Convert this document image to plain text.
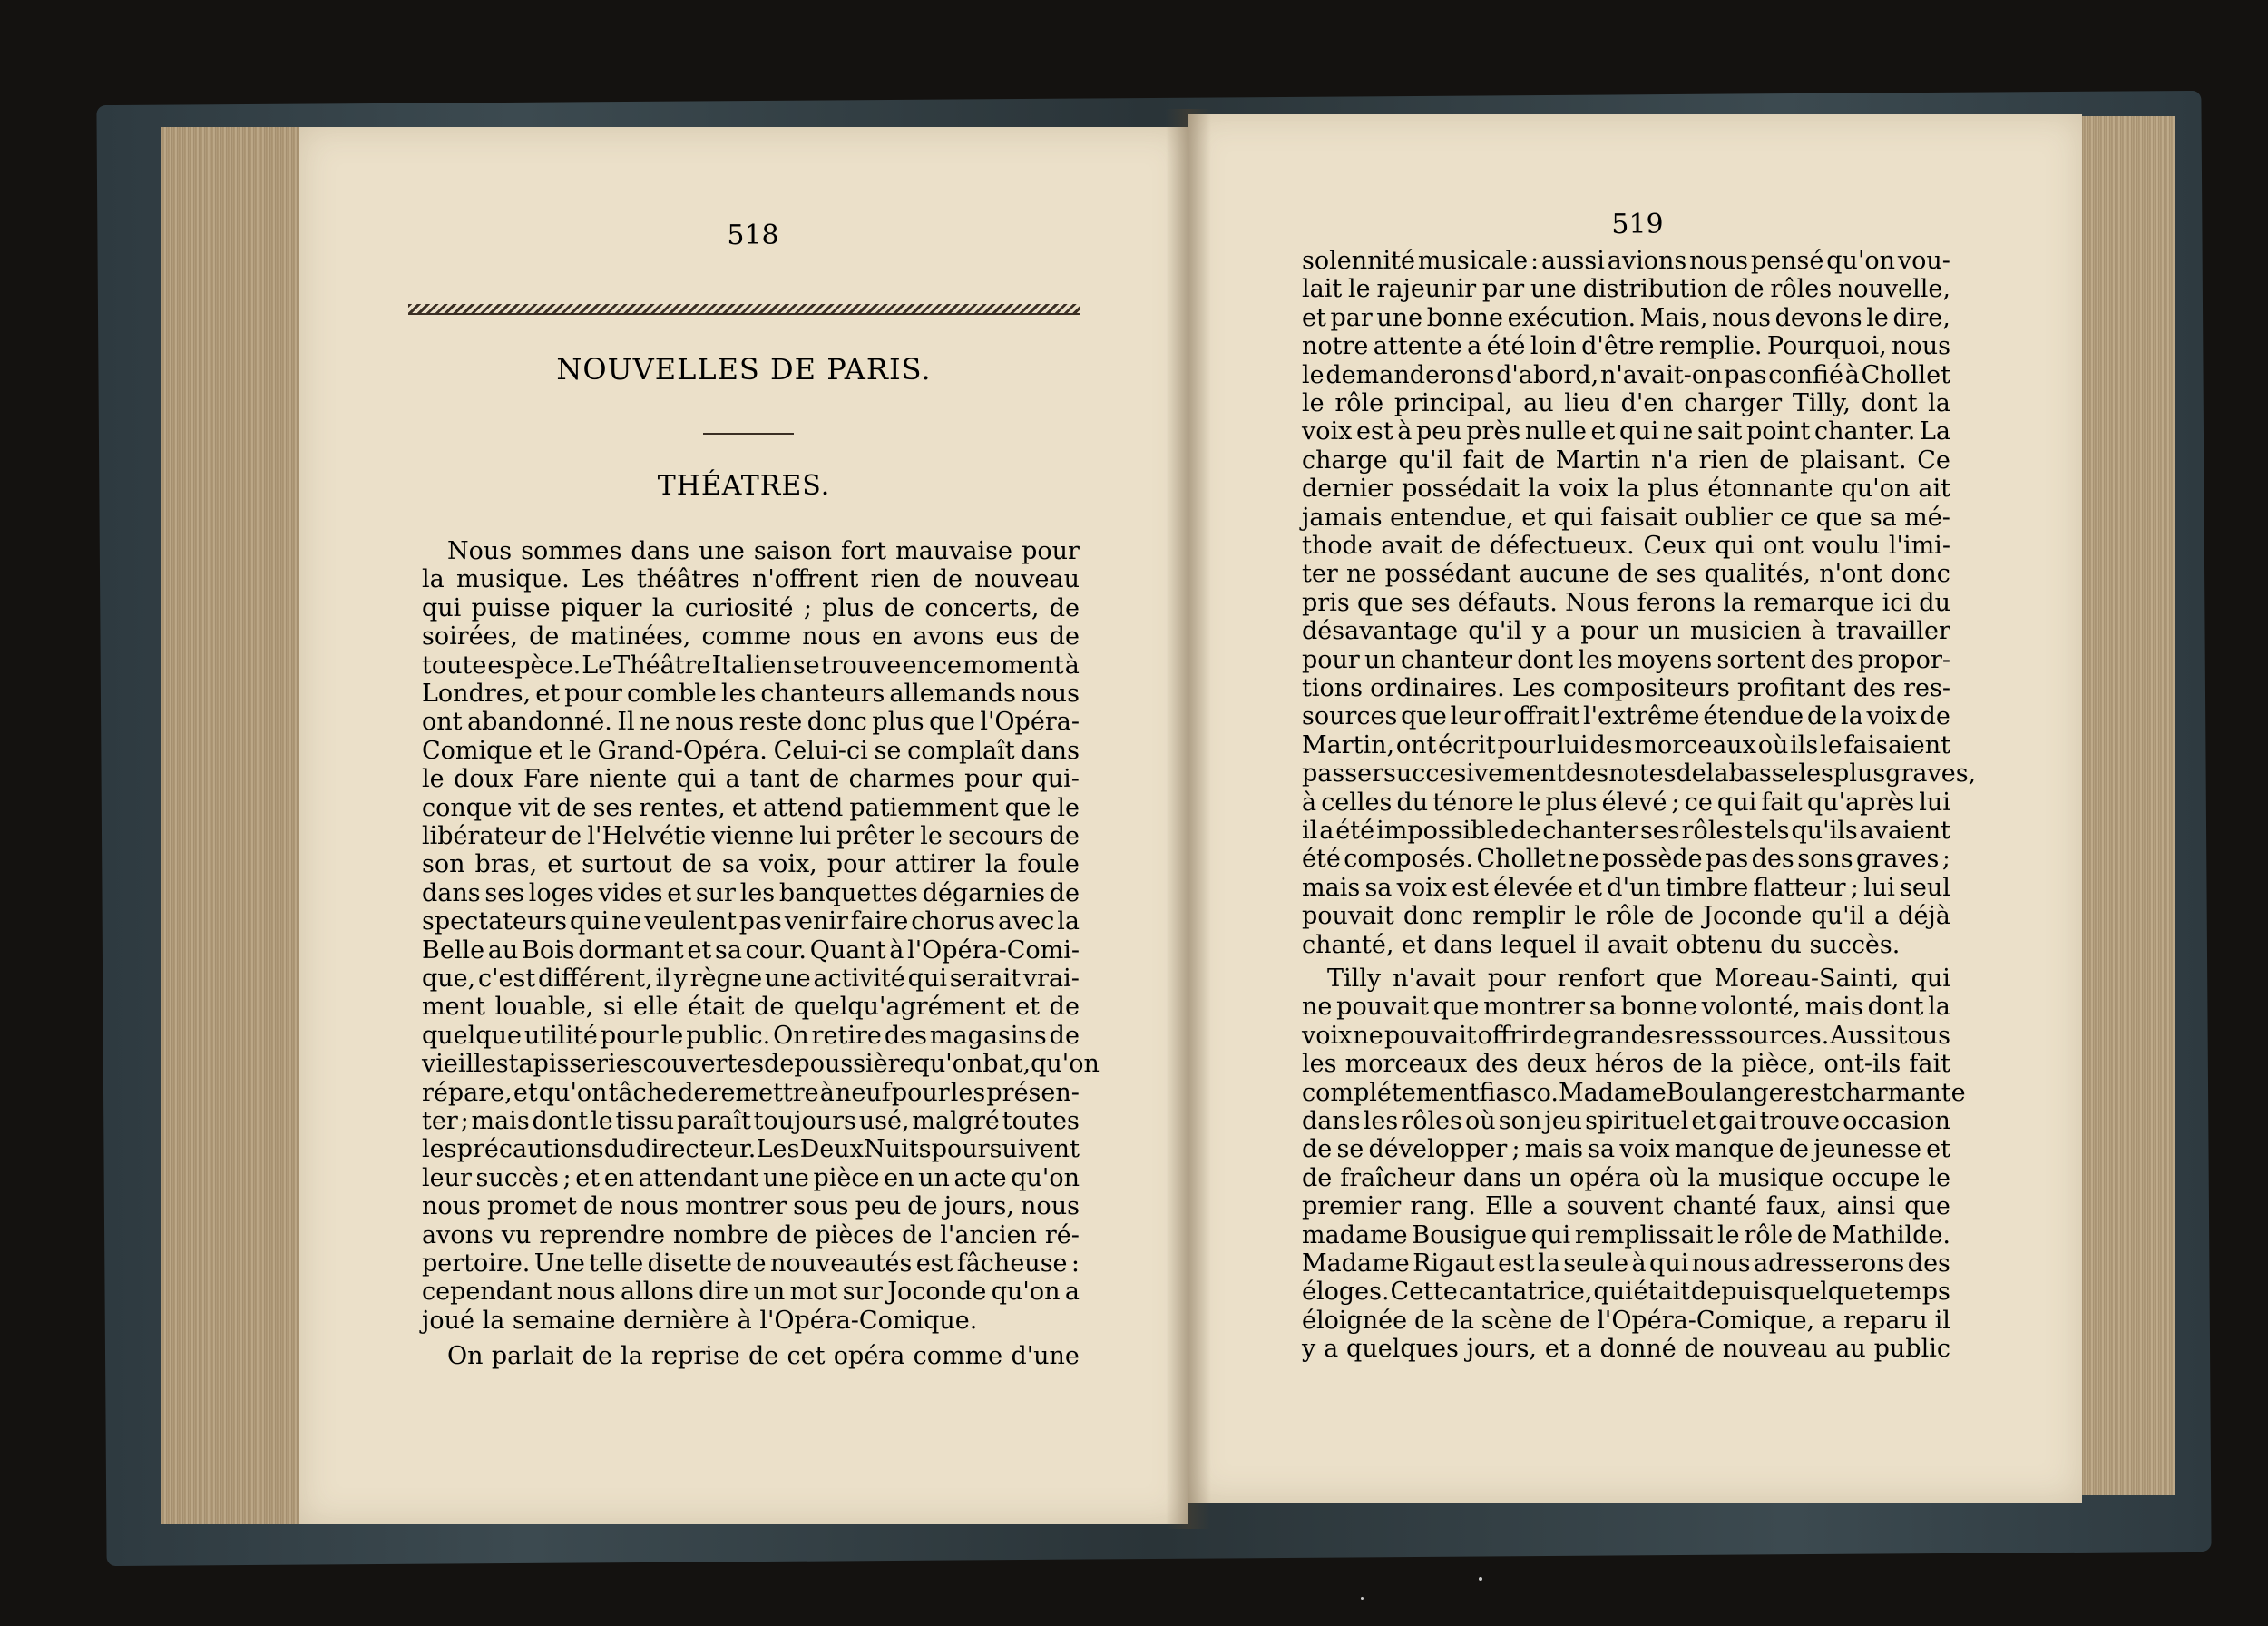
518
NOUVELLES DE PARIS.
THÉATRES.
Nous sommes dans une saison fort mauvaise pour
la musique. Les théâtres n'offrent rien de nouveau
qui puisse piquer la curiosité ; plus de concerts, de
soirées, de matinées, comme nous en avons eus de
toute espèce. Le Théâtre Italien se trouve en ce moment à
Londres, et pour comble les chanteurs allemands nous
ont abandonné. Il ne nous reste donc plus que l'Opéra-
Comique et le Grand-Opéra. Celui-ci se complaît dans
le doux Fare niente qui a tant de charmes pour qui-
conque vit de ses rentes, et attend patiemment que le
libérateur de l'Helvétie vienne lui prêter le secours de
son bras, et surtout de sa voix, pour attirer la foule
dans ses loges vides et sur les banquettes dégarnies de
spectateurs qui ne veulent pas venir faire chorus avec la
Belle au Bois dormant et sa cour. Quant à l'Opéra-Comi-
que, c'est différent, il y règne une activité qui serait vrai-
ment louable, si elle était de quelqu'agrément et de
quelque utilité pour le public. On retire des magasins de
vieilles tapisseries couvertes de poussière qu'on bat, qu'on
répare, et qu'on tâche de remettre à neuf pour les présen-
ter ; mais dont le tissu paraît toujours usé, malgré toutes
les précautions du directeur. Les Deux Nuits poursuivent
leur succès ; et en attendant une pièce en un acte qu'on
nous promet de nous montrer sous peu de jours, nous
avons vu reprendre nombre de pièces de l'ancien ré-
pertoire. Une telle disette de nouveautés est fâcheuse :
cependant nous allons dire un mot sur Joconde qu'on a
joué la semaine dernière à l'Opéra-Comique.
On parlait de la reprise de cet opéra comme d'une
519
solennité musicale : aussi avions nous pensé qu'on vou-
lait le rajeunir par une distribution de rôles nouvelle,
et par une bonne exécution. Mais, nous devons le dire,
notre attente a été loin d'être remplie. Pourquoi, nous
le demanderons d'abord, n'avait-on pas confié à Chollet
le rôle principal, au lieu d'en charger Tilly, dont la
voix est à peu près nulle et qui ne sait point chanter. La
charge qu'il fait de Martin n'a rien de plaisant. Ce
dernier possédait la voix la plus étonnante qu'on ait
jamais entendue, et qui faisait oublier ce que sa mé-
thode avait de défectueux. Ceux qui ont voulu l'imi-
ter ne possédant aucune de ses qualités, n'ont donc
pris que ses défauts. Nous ferons la remarque ici du
désavantage qu'il y a pour un musicien à travailler
pour un chanteur dont les moyens sortent des propor-
tions ordinaires. Les compositeurs profitant des res-
sources que leur offrait l'extrême étendue de la voix de
Martin, ont écrit pour lui des morceaux où ils le faisaient
passer succesivement des notes de la basse les plus graves,
à celles du ténore le plus élevé ; ce qui fait qu'après lui
il a été impossible de chanter ses rôles tels qu'ils avaient
été composés. Chollet ne possède pas des sons graves ;
mais sa voix est élevée et d'un timbre flatteur ; lui seul
pouvait donc remplir le rôle de Joconde qu'il a déjà
chanté, et dans lequel il avait obtenu du succès.
Tilly n'avait pour renfort que Moreau-Sainti, qui
ne pouvait que montrer sa bonne volonté, mais dont la
voix ne pouvait offrir de grandes resssources. Aussi tous
les morceaux des deux héros de la pièce, ont-ils fait
complétement fiasco. Madame Boulanger est charmante
dans les rôles où son jeu spirituel et gai trouve occasion
de se développer ; mais sa voix manque de jeunesse et
de fraîcheur dans un opéra où la musique occupe le
premier rang. Elle a souvent chanté faux, ainsi que
madame Bousigue qui remplissait le rôle de Mathilde.
Madame Rigaut est la seule à qui nous adresserons des
éloges. Cette cantatrice, qui était depuis quelque temps
éloignée de la scène de l'Opéra-Comique, a reparu il
y a quelques jours, et a donné de nouveau au public
